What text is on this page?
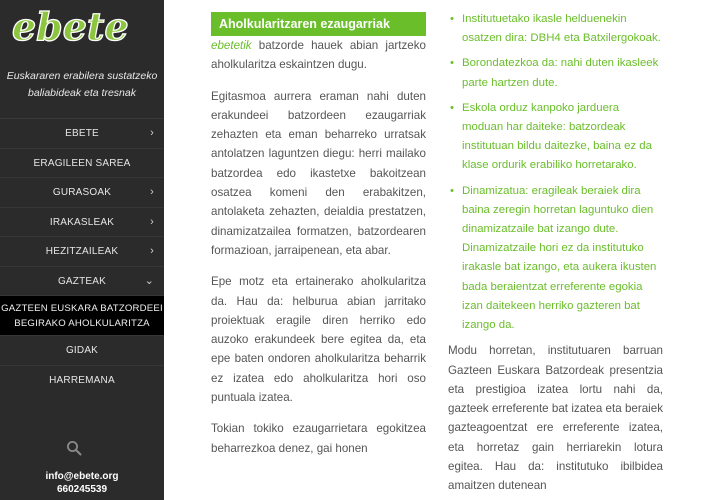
ebete
Euskararen erabilera sustatzeko baliabideak eta tresnak
EBETE	›
ERAGILEEN SAREA
GURASOAK	›
IRAKASLEAK	›
HEZITZAILEAK	›
GAZTEAK	⌄
GAZTEEN EUSKARA BATZORDEEI BEGIRAKO AHOLKULARITZA
GIDAK
HARREMANA
info@ebete.org
660245539
Aholkularitzaren ezaugarriak

ebetetik batzorde hauek abian jartzeko aholkularitza eskaintzen dugu.

Egitasmoa aurrera eraman nahi duten erakundeei batzordeen ezaugarriak zehazten eta eman beharreko urratsak antolatzen laguntzen diegu: herri mailako batzordea edo ikastetxe bakoitzean osatzea komeni den erabakitzen, antolaketa zehazten, deialdia prestatzen, dinamizatzailea formatzen, batzordearen formazioan, jarraipenean, eta abar.

Epe motz eta ertainerako aholkularitza da. Hau da: helburua abian jarritako proiektuak eragile diren herriko edo auzoko erakundeek bere egitea da, eta epe baten ondoren aholkularitza beharrik ez izatea edo aholkularitza hori oso puntuala izatea.

Tokian tokiko ezaugarrietara egokitzea beharrezkoa denez, gai honen

• Institutuetako ikasle helduenekin osatzen dira: DBH4 eta Batxilergokoak.
• Borondatezkoa da: nahi duten ikasleek parte hartzen dute.
• Eskola orduz kanpoko jarduera moduan har daiteke: batzordeak institutuan bildu daitezke, baina ez da klase ordurik erabiliko horretarako.
• Dinamizatua: eragileak beraiek dira baina zeregin horretan laguntuko dien dinamizatzaile bat izango dute. Dinamizatzaile hori ez da institutuko irakasle bat izango, eta aukera ikusten bada beraientzat erreferente egokia izan daitekeen herriko gazteren bat izango da.

Modu horretan, institutuaren barruan Gazteen Euskara Batzordeak presentzia eta prestigioa izatea lortu nahi da, gazteek erreferente bat izatea eta beraiek gazteagoentzat ere erreferente izatea, eta horretaz gain herriarekin lotura egitea. Hau da: institutuko ibilbidea amaitzen dutenean
